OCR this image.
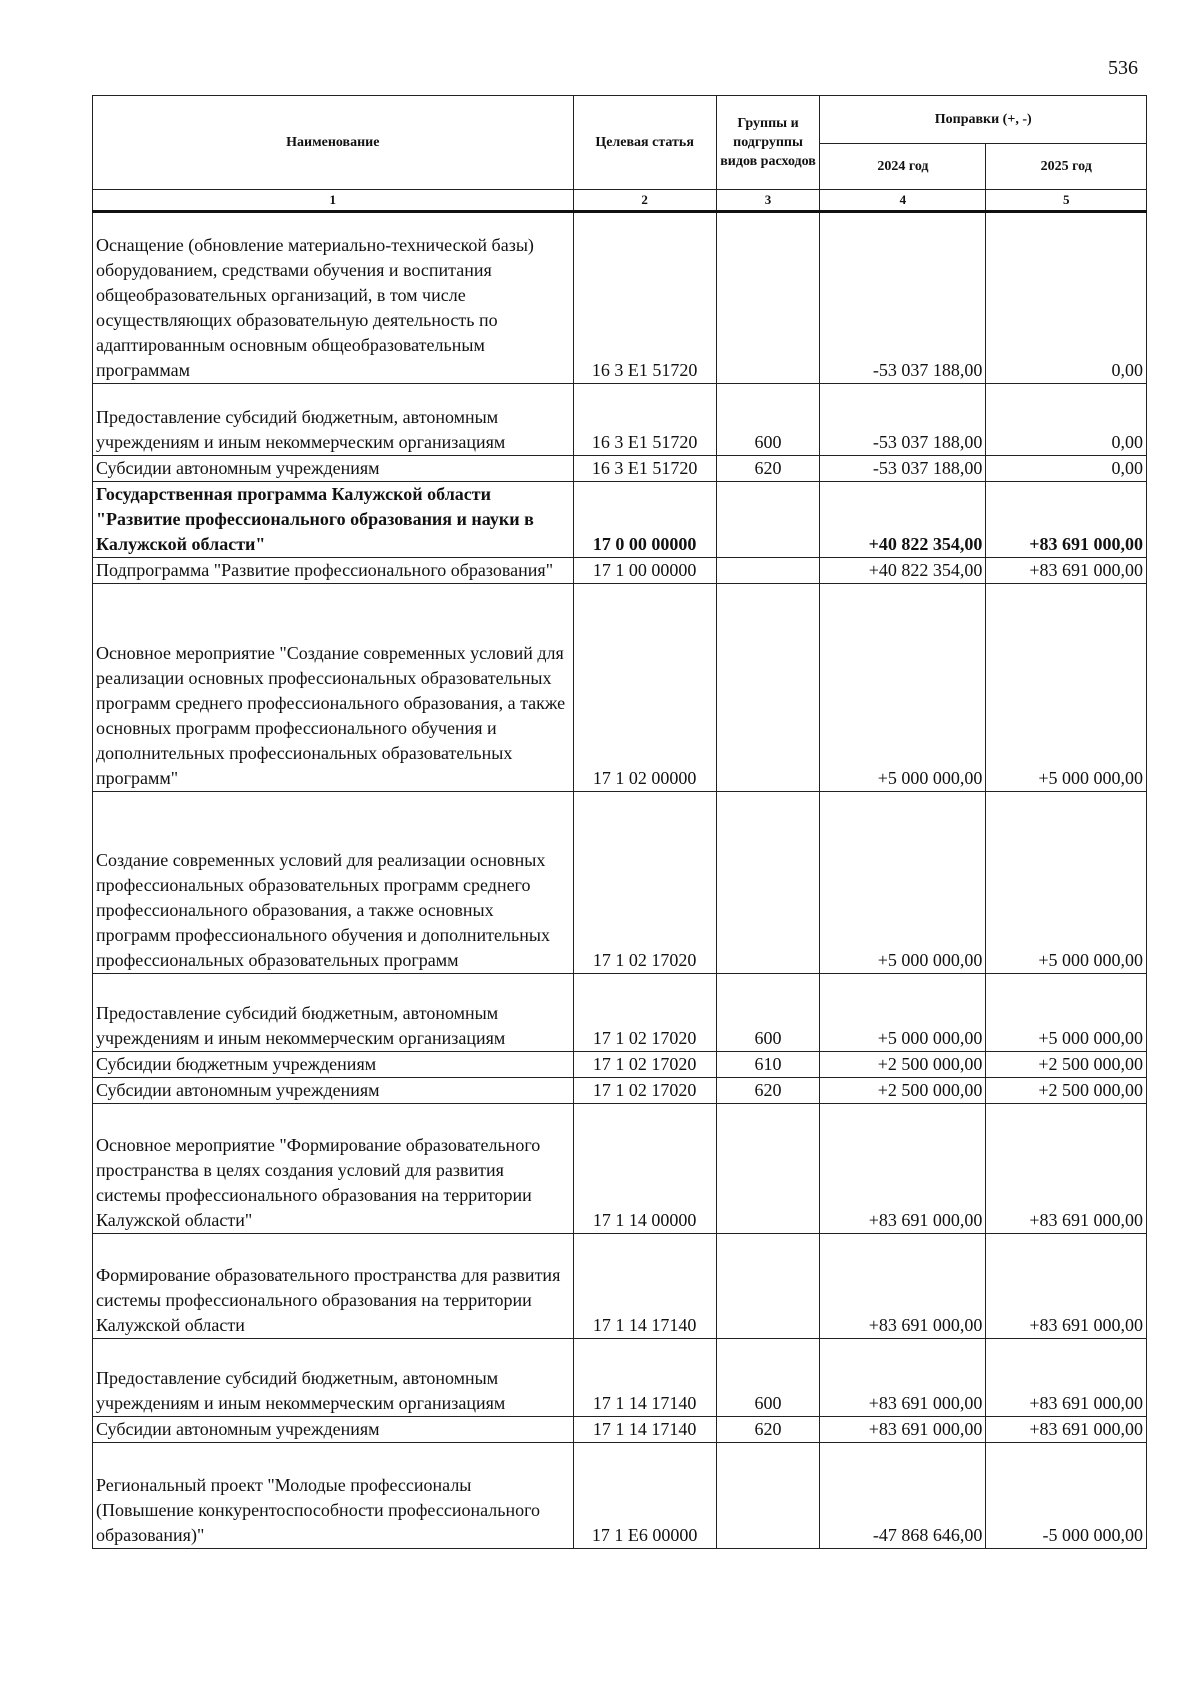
536
Наименование	Целевая статья	Группы и подгруппы видов расходов	Поправки (+, -)	
			2024 год	2025 год
1	2	3	4	5
Оснащение (обновление материально-технической базы) оборудованием, средствами обучения и воспитания общеобразовательных организаций, в том числе осуществляющих образовательную деятельность по адаптированным основным общеобразовательным программам	16 3 E1 51720		-53 037 188,00	0,00
Предоставление субсидий бюджетным, автономным учреждениям и иным некоммерческим организациям	16 3 E1 51720	600	-53 037 188,00	0,00
Субсидии автономным учреждениям	16 3 E1 51720	620	-53 037 188,00	0,00
Государственная программа Калужской области "Развитие профессионального образования и науки в Калужской области"	17 0 00 00000		+40 822 354,00	+83 691 000,00
Подпрограмма "Развитие профессионального образования"	17 1 00 00000		+40 822 354,00	+83 691 000,00
Основное мероприятие "Создание современных условий для реализации основных профессиональных образовательных программ среднего профессионального образования, а также основных программ профессионального обучения и дополнительных профессиональных образовательных программ"	17 1 02 00000		+5 000 000,00	+5 000 000,00
Создание современных условий для реализации основных профессиональных образовательных программ среднего профессионального образования, а также основных программ профессионального обучения и дополнительных профессиональных образовательных программ	17 1 02 17020		+5 000 000,00	+5 000 000,00
Предоставление субсидий бюджетным, автономным учреждениям и иным некоммерческим организациям	17 1 02 17020	600	+5 000 000,00	+5 000 000,00
Субсидии бюджетным учреждениям	17 1 02 17020	610	+2 500 000,00	+2 500 000,00
Субсидии автономным учреждениям	17 1 02 17020	620	+2 500 000,00	+2 500 000,00
Основное мероприятие "Формирование образовательного пространства в целях создания условий для развития системы профессионального образования на территории Калужской области"	17 1 14 00000		+83 691 000,00	+83 691 000,00
Формирование образовательного пространства для развития системы профессионального образования на территории Калужской области	17 1 14 17140		+83 691 000,00	+83 691 000,00
Предоставление субсидий бюджетным, автономным учреждениям и иным некоммерческим организациям	17 1 14 17140	600	+83 691 000,00	+83 691 000,00
Субсидии автономным учреждениям	17 1 14 17140	620	+83 691 000,00	+83 691 000,00
Региональный проект "Молодые профессионалы (Повышение конкурентоспособности профессионального образования)"	17 1 E6 00000		-47 868 646,00	-5 000 000,00
